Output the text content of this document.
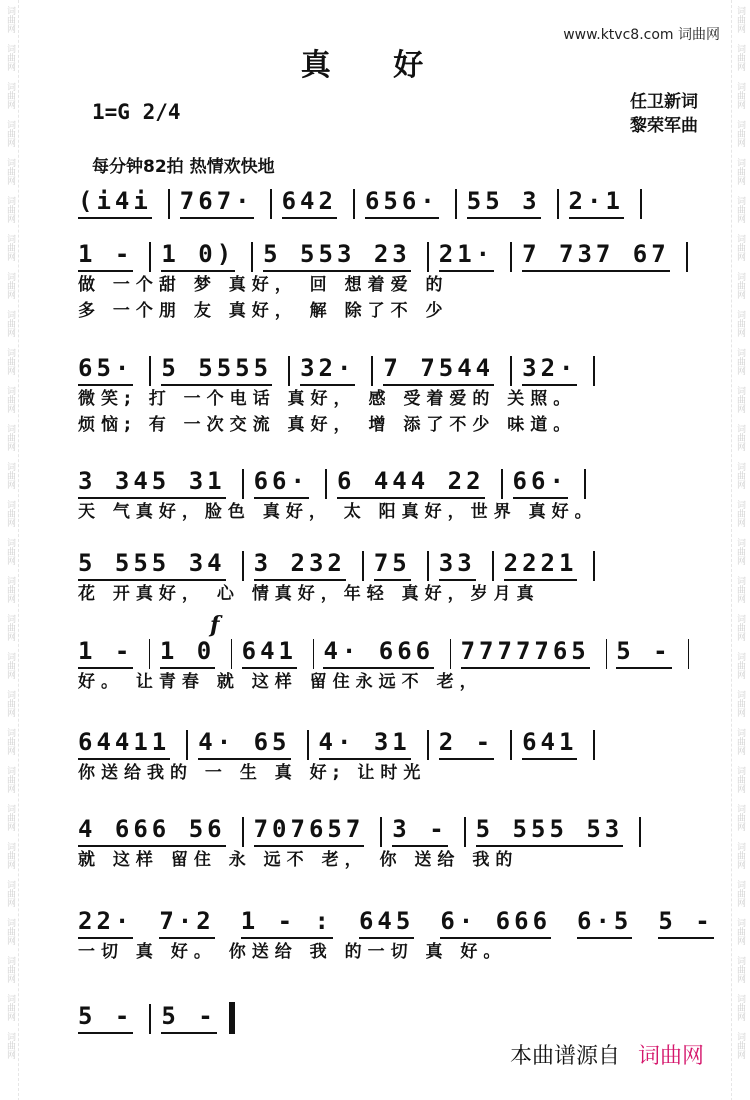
词曲网
词曲网
词曲网
词曲网
词曲网
词曲网
词曲网
词曲网
词曲网
词曲网
词曲网
词曲网
词曲网
词曲网
词曲网
词曲网
词曲网
词曲网
词曲网
词曲网
词曲网
词曲网
词曲网
词曲网
词曲网
词曲网
词曲网
词曲网
词曲网
词曲网
词曲网
词曲网
词曲网
词曲网
词曲网
词曲网
词曲网
词曲网
词曲网
词曲网
词曲网
词曲网
词曲网
词曲网
词曲网
词曲网
词曲网
词曲网
词曲网
词曲网
词曲网
词曲网
词曲网
词曲网
词曲网
词曲网
www.ktvc8.com 词曲网
真 好
1=G 2/4	任卫新词
黎荣军曲
每分钟82拍 热情欢快地
(i4i 767· 642 656· 55 3 2·1
1 - 1 0) 5 553 23 21· 7 737 67
做 一个甜 梦 真好， 回 想着爱 的
多 一个朋 友 真好， 解 除了不 少
65· 5 5555 32· 7 7544 32·
微笑; 打 一个电话 真好， 感 受着爱的 关照。
烦恼; 有 一次交流 真好， 增 添了不少 味道。
3 345 31 66· 6 444 22 66·
天 气真好，脸色 真好， 太 阳真好，世界 真好。
5 555 34 3 232 75 33 2221
花 开真好， 心 情真好，年轻 真好，岁月真
1 - 1 0 641 4· 666 7777765 5 -
好。 让青春 就 这样 留住永远不 老，
64411 4· 65 4· 31 2 - 641
你送给我的 一 生 真 好; 让时光
4 666 56 707657 3 - 5 555 53
就 这样 留住 永 远不 老， 你 送给 我的
22· 7·2 1 - : 645 6· 666 6·5 5 -
一切 真 好。 你送给 我 的一切 真 好。
5 - 5 -
f
本曲谱源自 词曲网
